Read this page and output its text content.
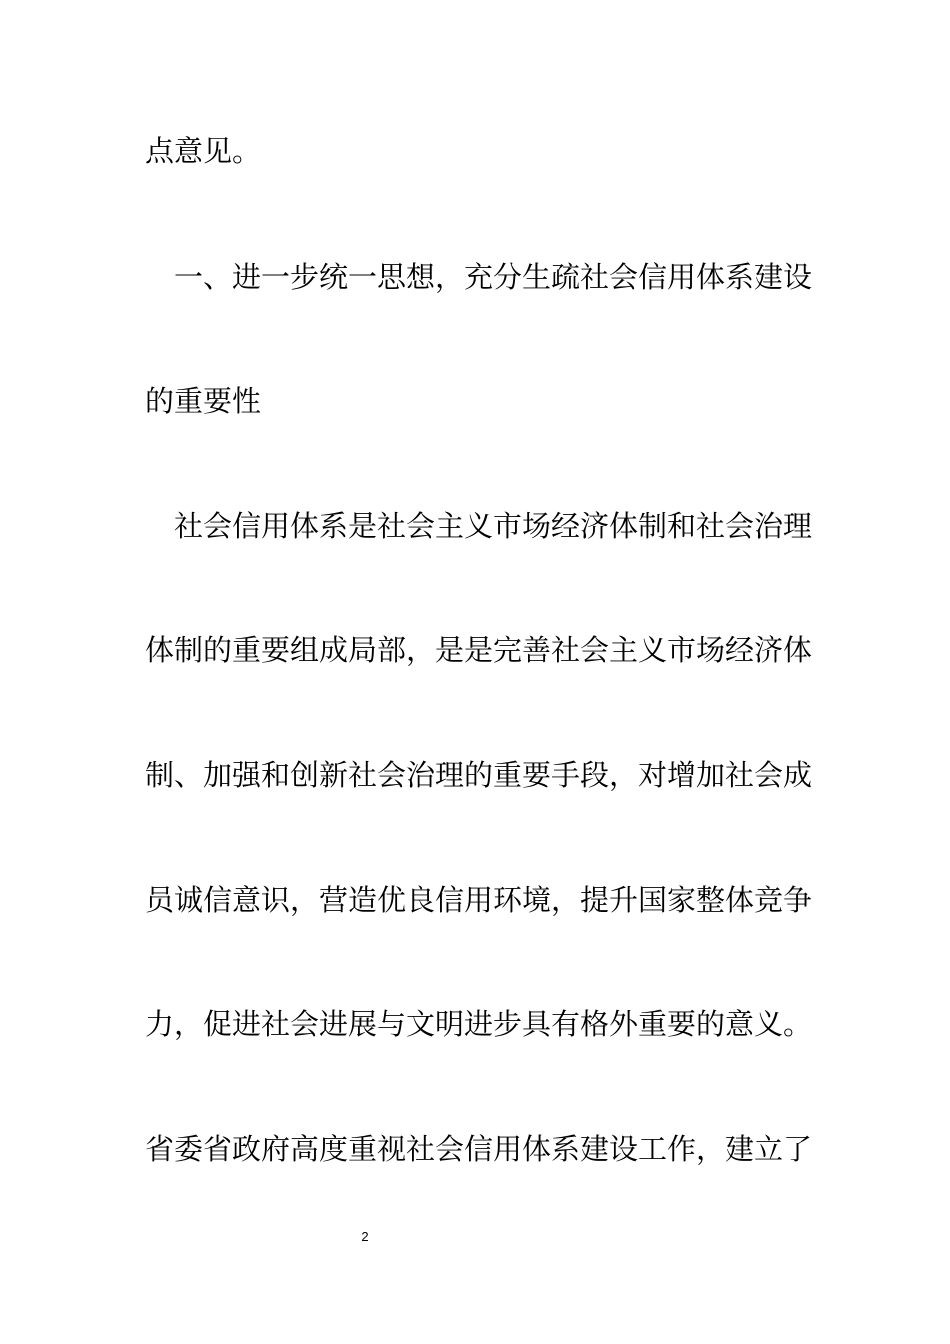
点意见。
一、进一步统一思想，充分生疏社会信用体系建设
的重要性
社会信用体系是社会主义市场经济体制和社会治理
体制的重要组成局部，是是完善社会主义市场经济体
制、加强和创新社会治理的重要手段，对增加社会成
员诚信意识，营造优良信用环境，提升国家整体竞争
力，促进社会进展与文明进步具有格外重要的意义。
省委省政府高度重视社会信用体系建设工作，建立了
2
